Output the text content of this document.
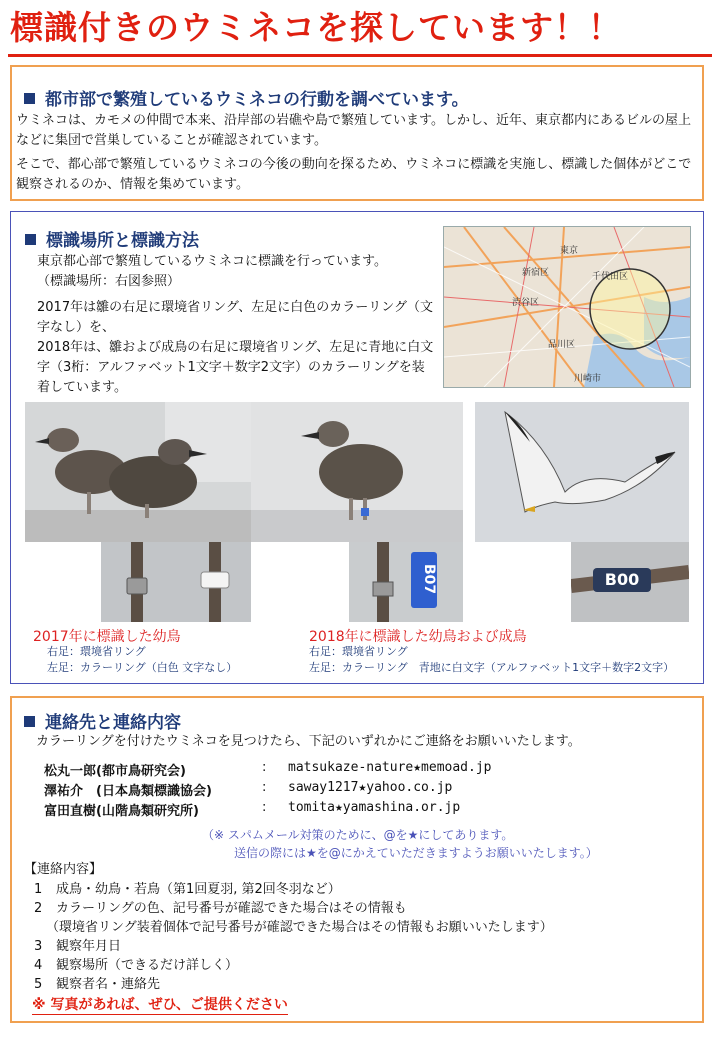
標識付きのウミネコを探しています！！
都市部で繁殖しているウミネコの行動を調べています。
ウミネコは、カモメの仲間で本来、沿岸部の岩礁や島で繁殖しています。しかし、近年、東京都内にあるビルの屋上などに集団で営巣していることが確認されています。
そこで、都心部で繁殖しているウミネコの今後の動向を探るため、ウミネコに標識を実施し、標識した個体がどこで観察されるのか、情報を集めています。
標識場所と標識方法
東京都心部で繁殖しているウミネコに標識を行っています。
（標識場所：右図参照）
2017年は雛の右足に環境省リング、左足に白色のカラーリング（文字なし）を、
2018年は、雛および成鳥の右足に環境省リング、左足に青地に白文字（3桁：アルファベット1文字＋数字2文字）のカラーリングを装着しています。
東京
新宿区	千代田区
渋谷区
品川区
川崎市
B07	B00
2017年に標識した幼鳥
右足：環境省リング
左足：カラーリング（白色 文字なし）
2018年に標識した幼鳥および成鳥
右足：環境省リング
左足：カラーリング　青地に白文字（アルファベット1文字＋数字2文字）
連絡先と連絡内容
カラーリングを付けたウミネコを見つけたら、下記のいずれかにご連絡をお願いいたします。
松丸一郎(都市鳥研究会)	: matsukaze-nature★memoad.jp
澤祐介　(日本鳥類標識協会)	: saway1217★yahoo.co.jp
富田直樹(山階鳥類研究所)	: tomita★yamashina.or.jp
（※ スパムメール対策のために、@を★にしてあります。
送信の際には★を@にかえていただきますようお願いいたします。）
【連絡内容】
1 成鳥・幼鳥・若鳥（第1回夏羽, 第2回冬羽など）
2 カラーリングの色、記号番号が確認できた場合はその情報も
（環境省リング装着個体で記号番号が確認できた場合はその情報もお願いいたします）
3 観察年月日
4 観察場所（できるだけ詳しく）
5 観察者名・連絡先
※ 写真があれば、ぜひ、ご提供ください
